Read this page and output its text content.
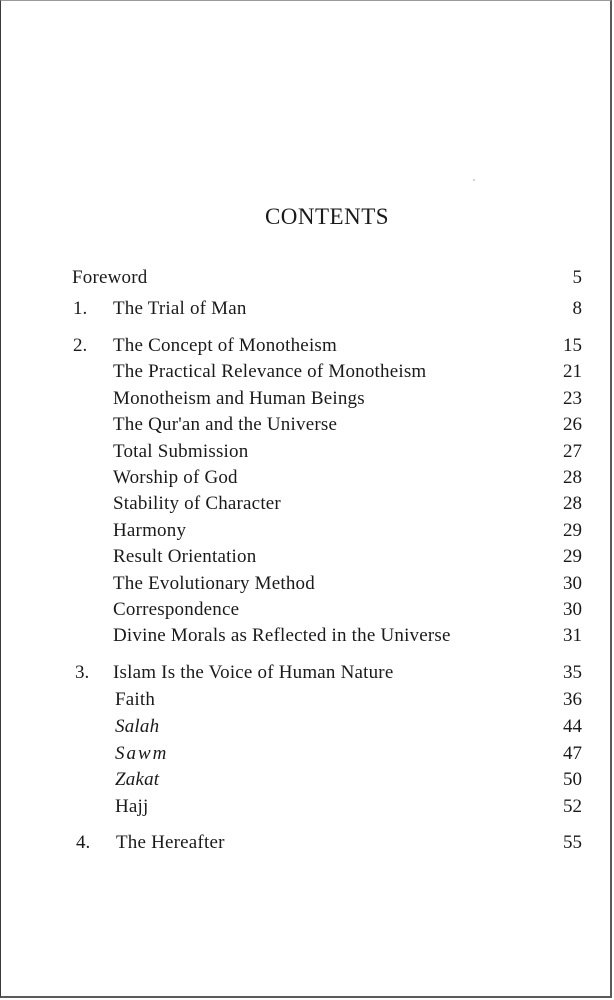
CONTENTS
Foreword	5
1.	The Trial of Man	8
2.	The Concept of Monotheism	15
The Practical Relevance of Monotheism	21
Monotheism and Human Beings	23
The Qur'an and the Universe	26
Total Submission	27
Worship of God	28
Stability of Character	28
Harmony	29
Result Orientation	29
The Evolutionary Method	30
Correspondence	30
Divine Morals as Reflected in the Universe	31
3.	Islam Is the Voice of Human Nature	35
Faith	36
Salah	44
Sawm	47
Zakat	50
Hajj	52
4.	The Hereafter	55
